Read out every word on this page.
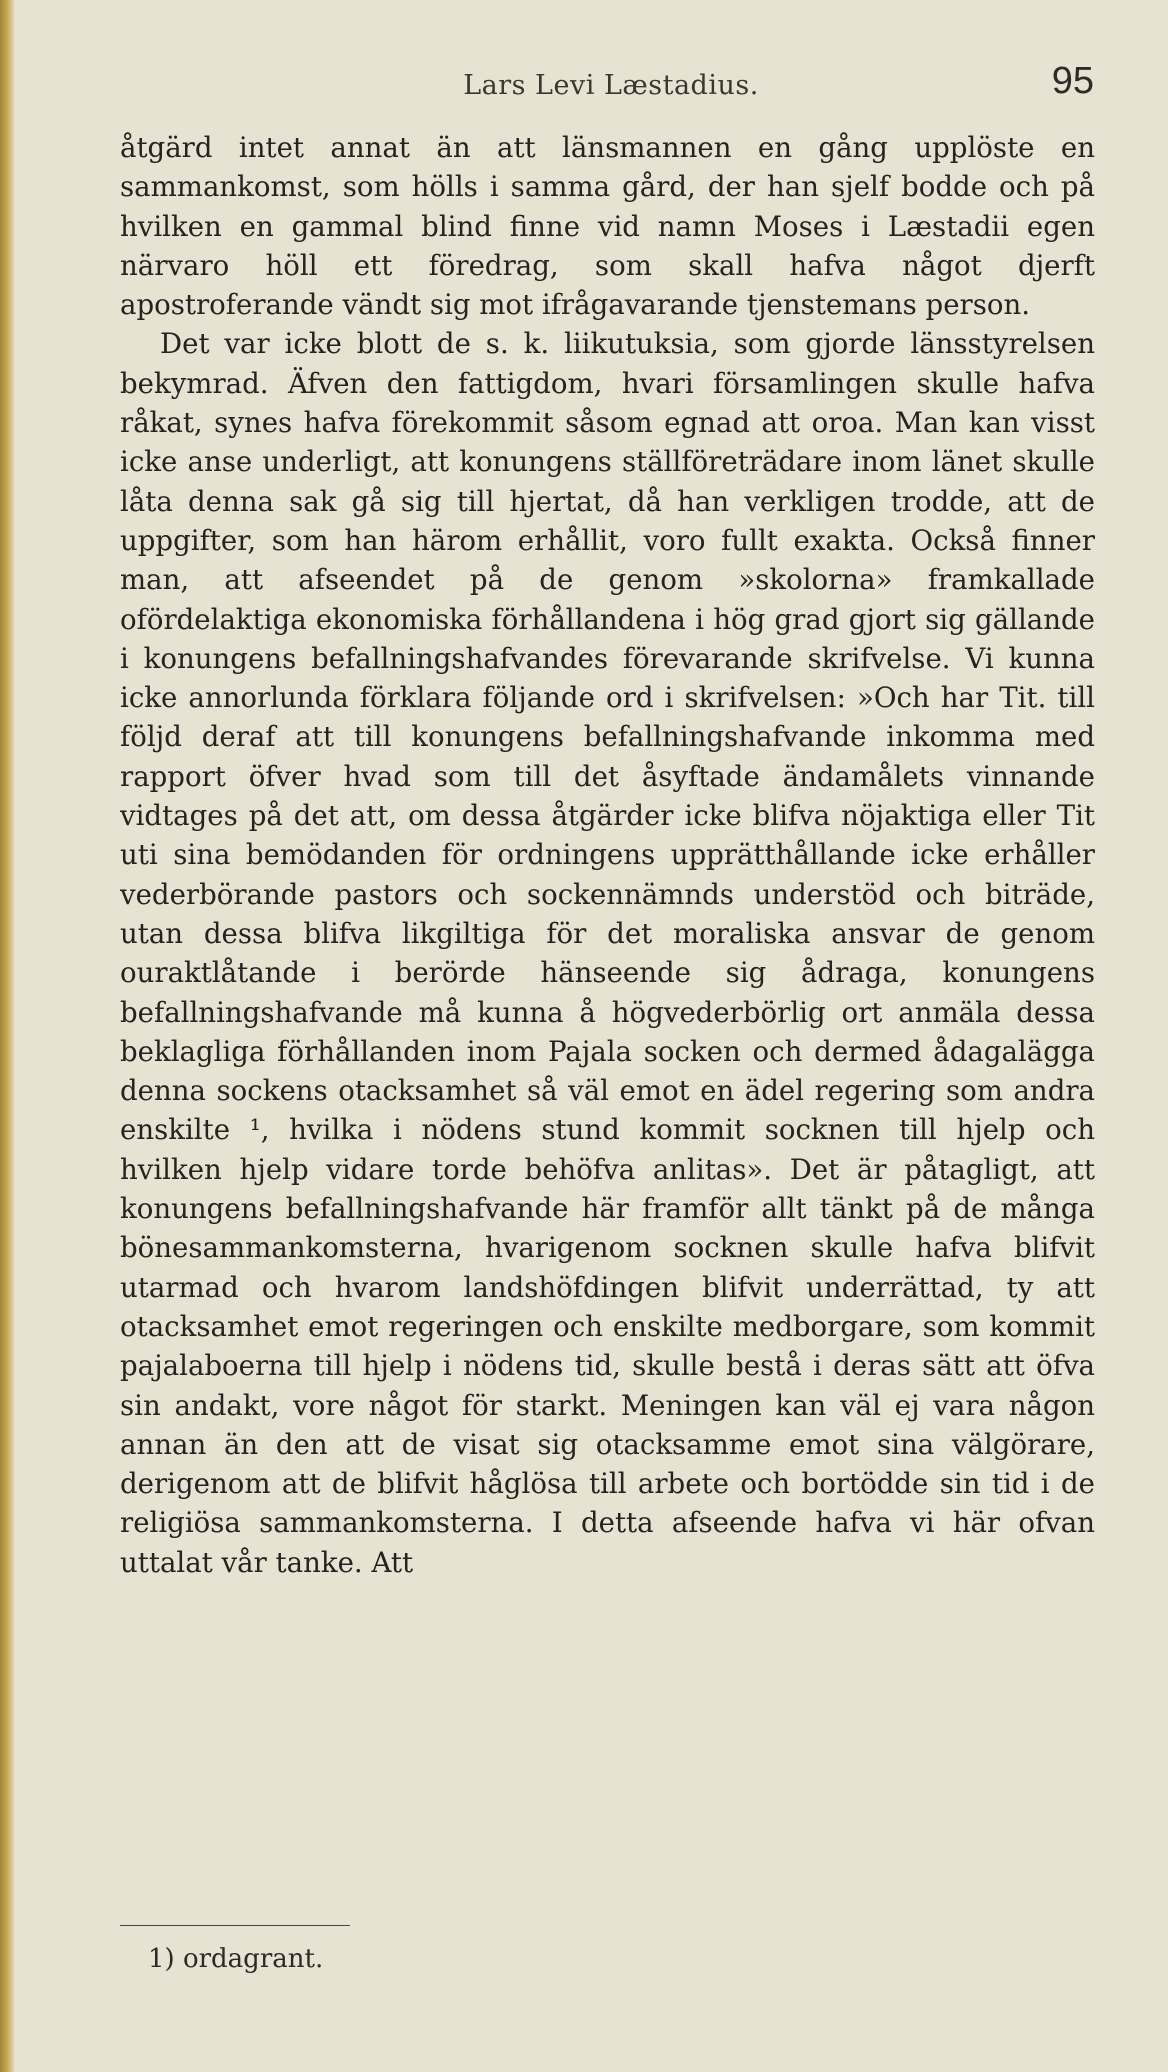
Lars Levi Læstadius.	95

åtgärd intet annat än att länsmannen en gång upplöste en sammankomst, som hölls i samma gård, der han sjelf bodde och på hvilken en gammal blind finne vid namn Moses i Læstadii egen närvaro höll ett föredrag, som skall hafva något djerft apostroferande vändt sig mot ifrågavarande tjenstemans person.

Det var icke blott de s. k. liikutuksia, som gjorde länsstyrelsen bekymrad. Äfven den fattigdom, hvari församlingen skulle hafva råkat, synes hafva förekommit såsom egnad att oroa. Man kan visst icke anse underligt, att konungens ställföreträdare inom länet skulle låta denna sak gå sig till hjertat, då han verkligen trodde, att de uppgifter, som han härom erhållit, voro fullt exakta. Också finner man, att afseendet på de genom »skolorna» framkallade ofördelaktiga ekonomiska förhållandena i hög grad gjort sig gällande i konungens befallningshafvandes förevarande skrifvelse. Vi kunna icke annorlunda förklara följande ord i skrifvelsen: »Och har Tit. till följd deraf att till konungens befallningshafvande inkomma med rapport öfver hvad som till det åsyftade ändamålets vinnande vidtages på det att, om dessa åtgärder icke blifva nöjaktiga eller Tit uti sina bemödanden för ordningens upprätthållande icke erhåller vederbörande pastors och sockennämnds understöd och biträde, utan dessa blifva likgiltiga för det moraliska ansvar de genom ouraktlåtande i berörde hänseende sig ådraga, konungens befallningshafvande må kunna å högvederbörlig ort anmäla dessa beklagliga förhållanden inom Pajala socken och dermed ådagalägga denna sockens otacksamhet så väl emot en ädel regering som andra enskilte ¹, hvilka i nödens stund kommit socknen till hjelp och hvilken hjelp vidare torde behöfva anlitas». Det är påtagligt, att konungens befallningshafvande här framför allt tänkt på de många bönesammankomsterna, hvarigenom socknen skulle hafva blifvit utarmad och hvarom landshöfdingen blifvit underrättad, ty att otacksamhet emot regeringen och enskilte medborgare, som kommit pajalaboerna till hjelp i nödens tid, skulle bestå i deras sätt att öfva sin andakt, vore något för starkt. Meningen kan väl ej vara någon annan än den att de visat sig otacksamme emot sina välgörare, derigenom att de blifvit håglösa till arbete och bortödde sin tid i de religiösa sammankomsterna. I detta afseende hafva vi här ofvan uttalat vår tanke. Att

1) ordagrant.
